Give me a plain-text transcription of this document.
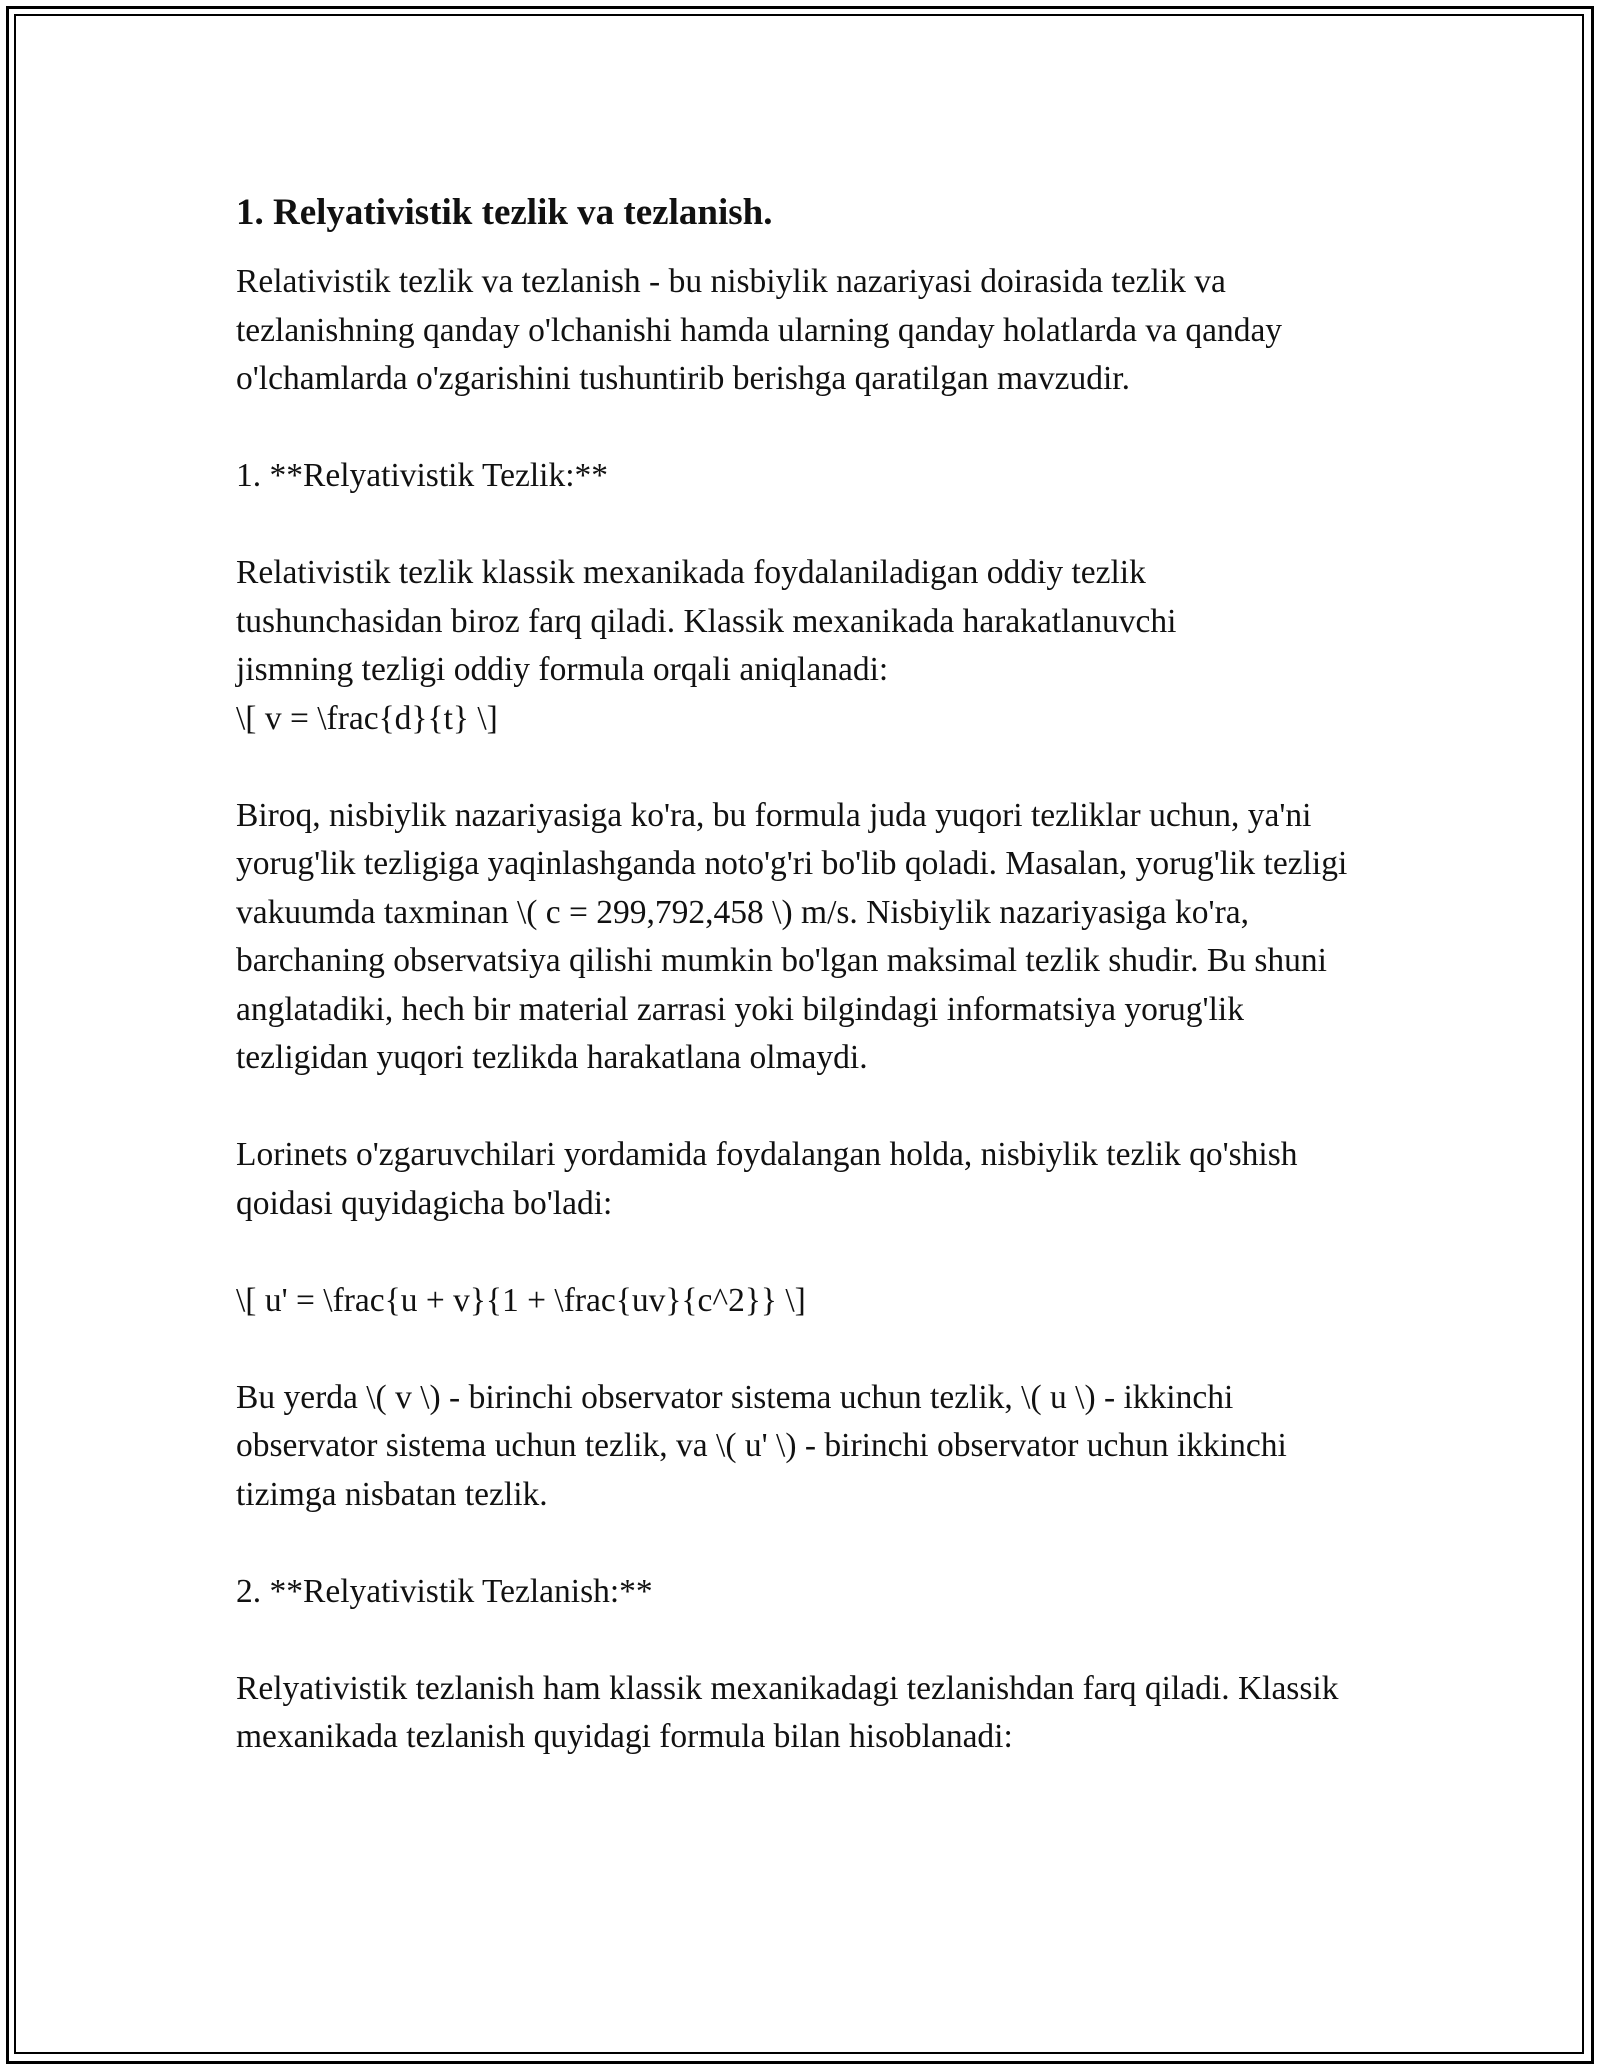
1. Relyativistik tezlik va tezlanish.

Relativistik tezlik va tezlanish - bu nisbiylik nazariyasi doirasida tezlik va tezlanishning qanday o'lchanishi hamda ularning qanday holatlarda va qanday o'lchamlarda o'zgarishini tushuntirib berishga qaratilgan mavzudir.

1. **Relyativistik Tezlik:**

Relativistik tezlik klassik mexanikada foydalaniladigan oddiy tezlik
tushunchasidan biroz farq qiladi. Klassik mexanikada harakatlanuvchi
jismning tezligi oddiy formula orqali aniqlanadi:

\[ v = \frac{d}{t} \]

Biroq, nisbiylik nazariyasiga ko'ra, bu formula juda yuqori tezliklar uchun, ya'ni yorug'lik tezligiga yaqinlashganda noto'g'ri bo'lib qoladi. Masalan, yorug'lik tezligi vakuumda taxminan \( c = 299,792,458 \) m/s. Nisbiylik nazariyasiga ko'ra, barchaning observatsiya qilishi mumkin bo'lgan maksimal tezlik shudir. Bu shuni anglatadiki, hech bir material zarrasi yoki bilgindagi informatsiya yorug'lik tezligidan yuqori tezlikda harakatlana olmaydi.

Lorinets o'zgaruvchilari yordamida foydalangan holda, nisbiylik tezlik qo'shish qoidasi quyidagicha bo'ladi:

\[ u' = \frac{u + v}{1 + \frac{uv}{c^2}} \]

Bu yerda \( v \) - birinchi observator sistema uchun tezlik, \( u \) - ikkinchi observator sistema uchun tezlik, va \( u' \) - birinchi observator uchun ikkinchi tizimga nisbatan tezlik.

2. **Relyativistik Tezlanish:**

Relyativistik tezlanish ham klassik mexanikadagi tezlanishdan farq qiladi. Klassik mexanikada tezlanish quyidagi formula bilan hisoblanadi:
